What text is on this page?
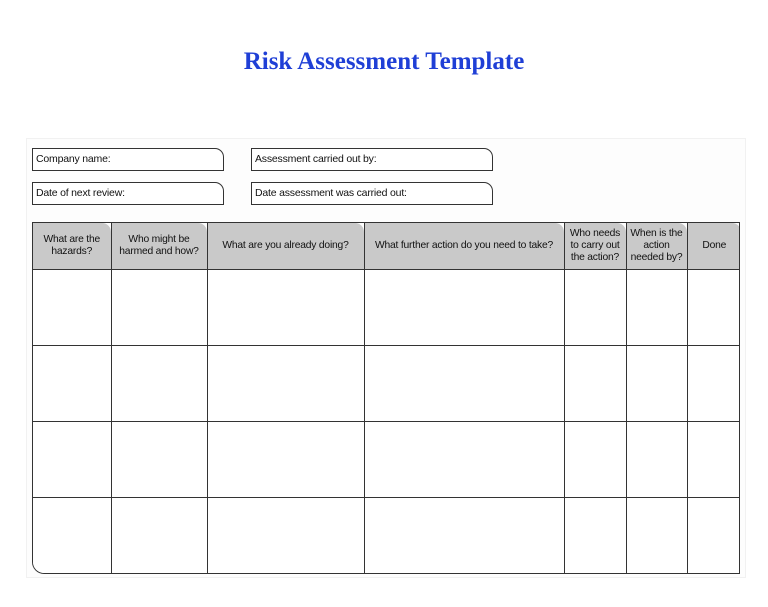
Risk Assessment Template
Company name:	Assessment carried out by:
Date of next review:	Date assessment was carried out:
What are the hazards?	Who might be harmed and how?	What are you already doing?	What further action do you need to take?	Who needs to carry out the action?	When is the action needed by?	Done
